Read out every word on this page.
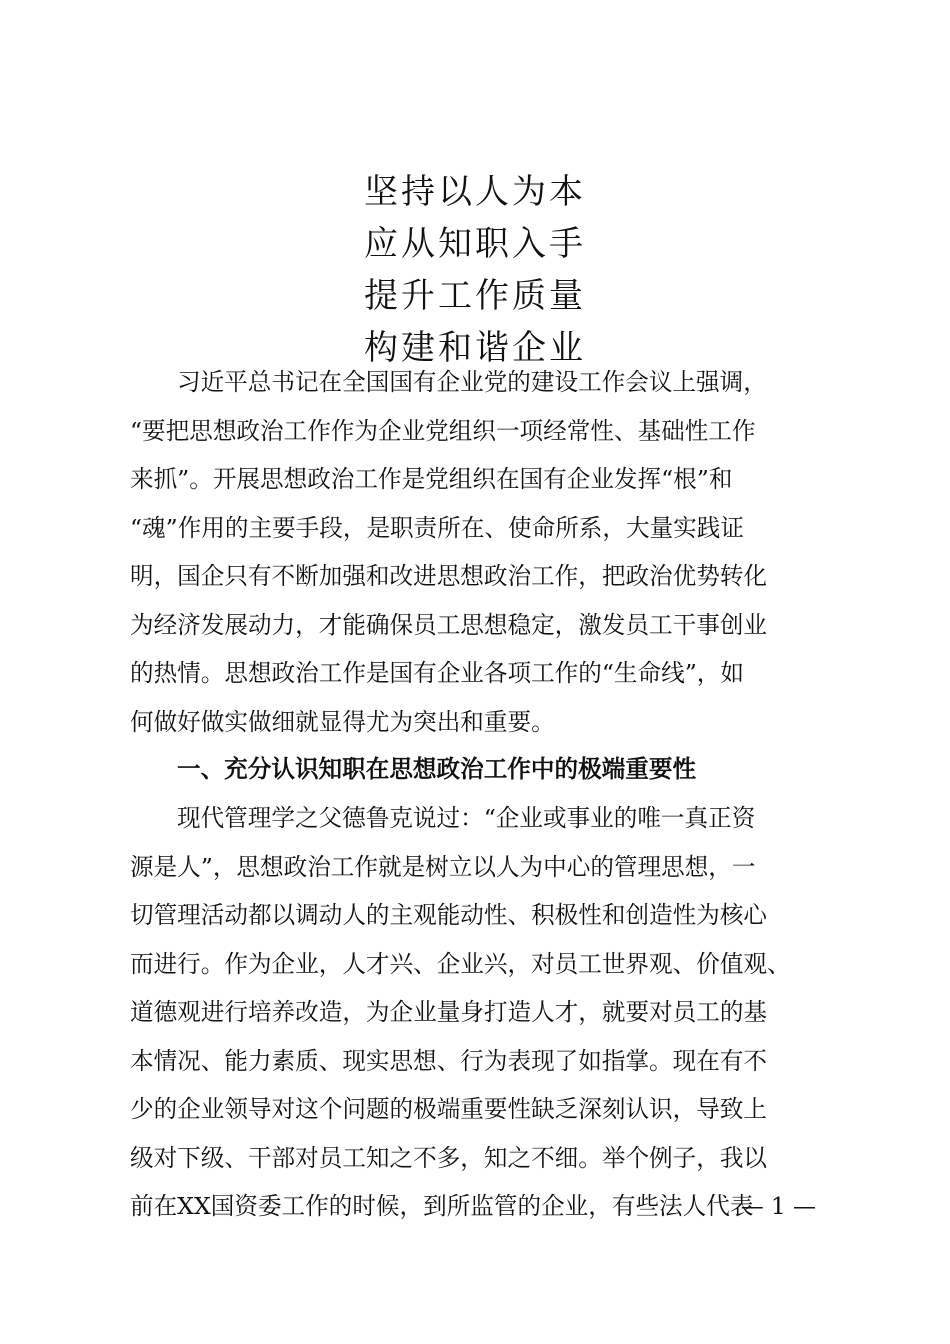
坚持以人为本
应从知职入手
提升工作质量
构建和谐企业
习近平总书记在全国国有企业党的建设工作会议上强调，
“要把思想政治工作作为企业党组织一项经常性、基础性工作
来抓”。开展思想政治工作是党组织在国有企业发挥“根”和
“魂”作用的主要手段，是职责所在、使命所系，大量实践证
明，国企只有不断加强和改进思想政治工作，把政治优势转化
为经济发展动力，才能确保员工思想稳定，激发员工干事创业
的热情。思想政治工作是国有企业各项工作的“生命线”，如
何做好做实做细就显得尤为突出和重要。
一、充分认识知职在思想政治工作中的极端重要性
现代管理学之父德鲁克说过：“企业或事业的唯一真正资
源是人”，思想政治工作就是树立以人为中心的管理思想，一
切管理活动都以调动人的主观能动性、积极性和创造性为核心
而进行。作为企业，人才兴、企业兴，对员工世界观、价值观、
道德观进行培养改造，为企业量身打造人才，就要对员工的基
本情况、能力素质、现实思想、行为表现了如指掌。现在有不
少的企业领导对这个问题的极端重要性缺乏深刻认识，导致上
级对下级、干部对员工知之不多，知之不细。举个例子，我以
前在XX国资委工作的时候，到所监管的企业，有些法人代表
— 1 —
